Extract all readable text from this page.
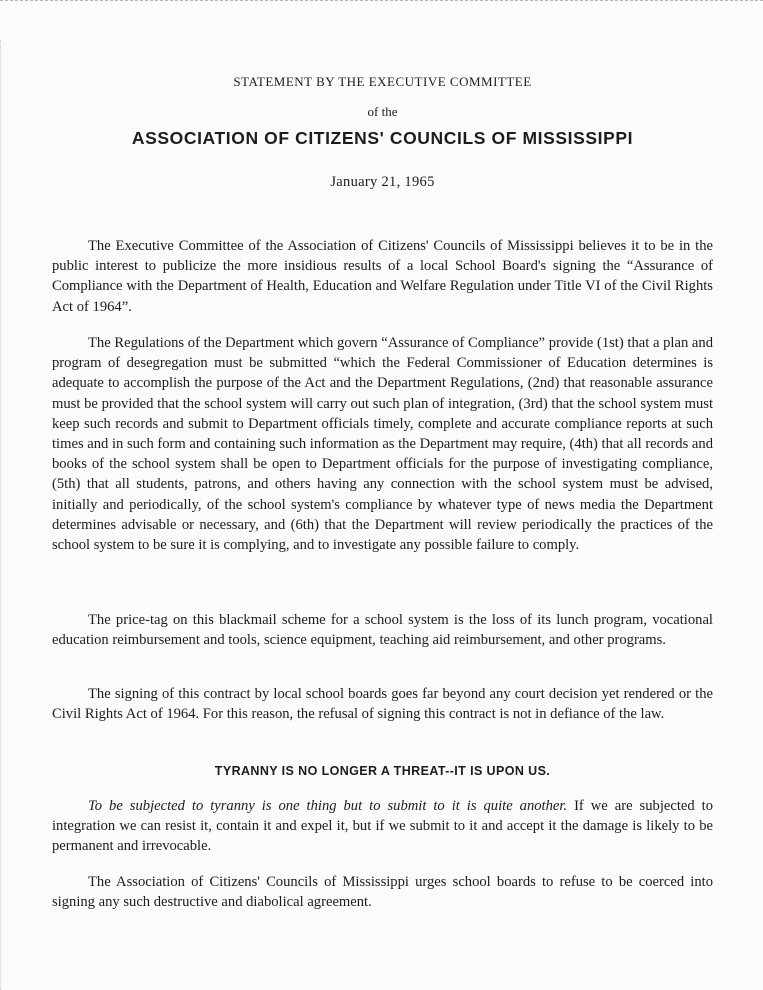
STATEMENT BY THE EXECUTIVE COMMITTEE
of the
ASSOCIATION OF CITIZENS' COUNCILS OF MISSISSIPPI
January 21, 1965

The Executive Committee of the Association of Citizens' Councils of Mississippi believes it to be in the public interest to publicize the more insidious results of a local School Board's signing the “Assurance of Compliance with the Department of Health, Education and Welfare Regulation under Title VI of the Civil Rights Act of 1964”.

The Regulations of the Department which govern “Assurance of Compliance” provide (1st) that a plan and program of desegregation must be submitted “which the Federal Commissioner of Education determines is adequate to accomplish the purpose of the Act and the Department Regulations, (2nd) that reasonable assurance must be provided that the school system will carry out such plan of integration, (3rd) that the school system must keep such records and submit to Department officials timely, complete and accurate compliance reports at such times and in such form and containing such information as the Department may require, (4th) that all records and books of the school system shall be open to Department officials for the purpose of investigating compliance, (5th) that all students, patrons, and others having any connection with the school system must be advised, initially and periodically, of the school system's compliance by whatever type of news media the Department determines advisable or necessary, and (6th) that the Department will review periodically the practices of the school system to be sure it is complying, and to investigate any possible failure to comply.

The price-tag on this blackmail scheme for a school system is the loss of its lunch program, vocational education reimbursement and tools, science equipment, teaching aid reimbursement, and other programs.

The signing of this contract by local school boards goes far beyond any court decision yet rendered or the Civil Rights Act of 1964. For this reason, the refusal of signing this contract is not in defiance of the law.

TYRANNY IS NO LONGER A THREAT--IT IS UPON US.

To be subjected to tyranny is one thing but to submit to it is quite another. If we are subjected to integration we can resist it, contain it and expel it, but if we submit to it and accept it the damage is likely to be permanent and irrevocable.

The Association of Citizens' Councils of Mississippi urges school boards to refuse to be coerced into signing any such destructive and diabolical agreement.
